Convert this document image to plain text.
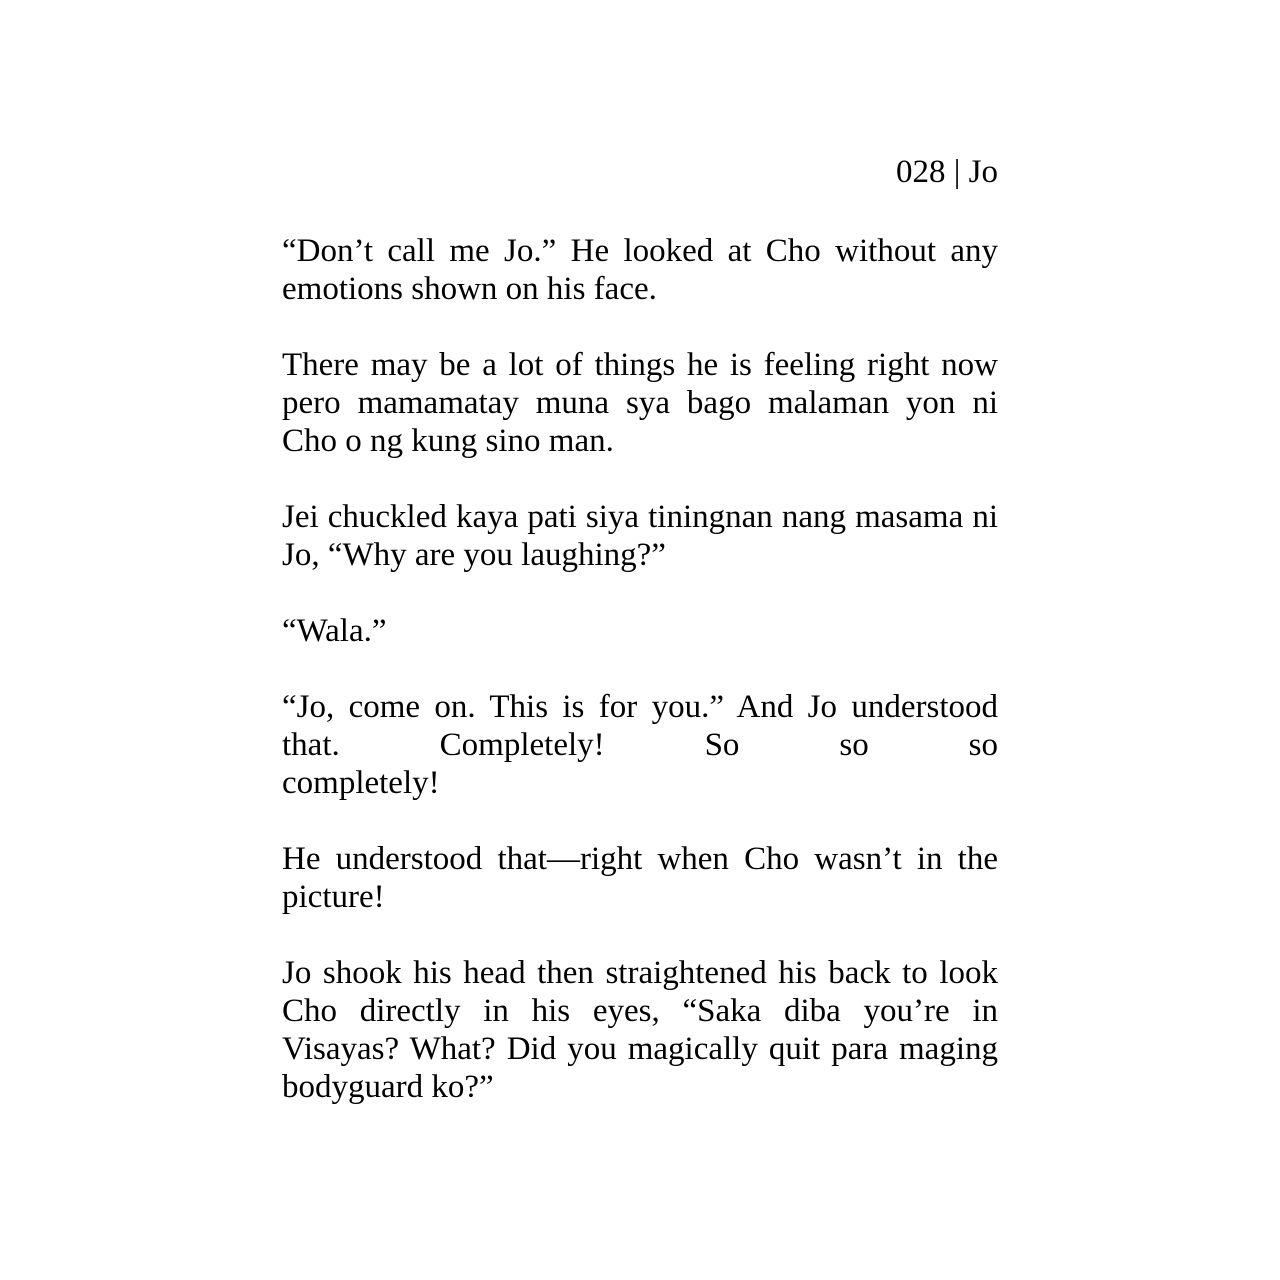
028 | Jo

“Don’t call me Jo.” He looked at Cho without any emotions shown on his face.

There may be a lot of things he is feeling right now pero mamamatay muna sya bago malaman yon ni Cho o ng kung sino man.

Jei chuckled kaya pati siya tiningnan nang masama ni Jo, “Why are you laughing?”

“Wala.”

“Jo, come on. This is for you.” And Jo understood that. Completely! So so so
completely!

He understood that—right when Cho wasn’t in the picture!

Jo shook his head then straightened his back to look Cho directly in his eyes, “Saka diba you’re in Visayas? What? Did you magically quit para maging bodyguard ko?”
